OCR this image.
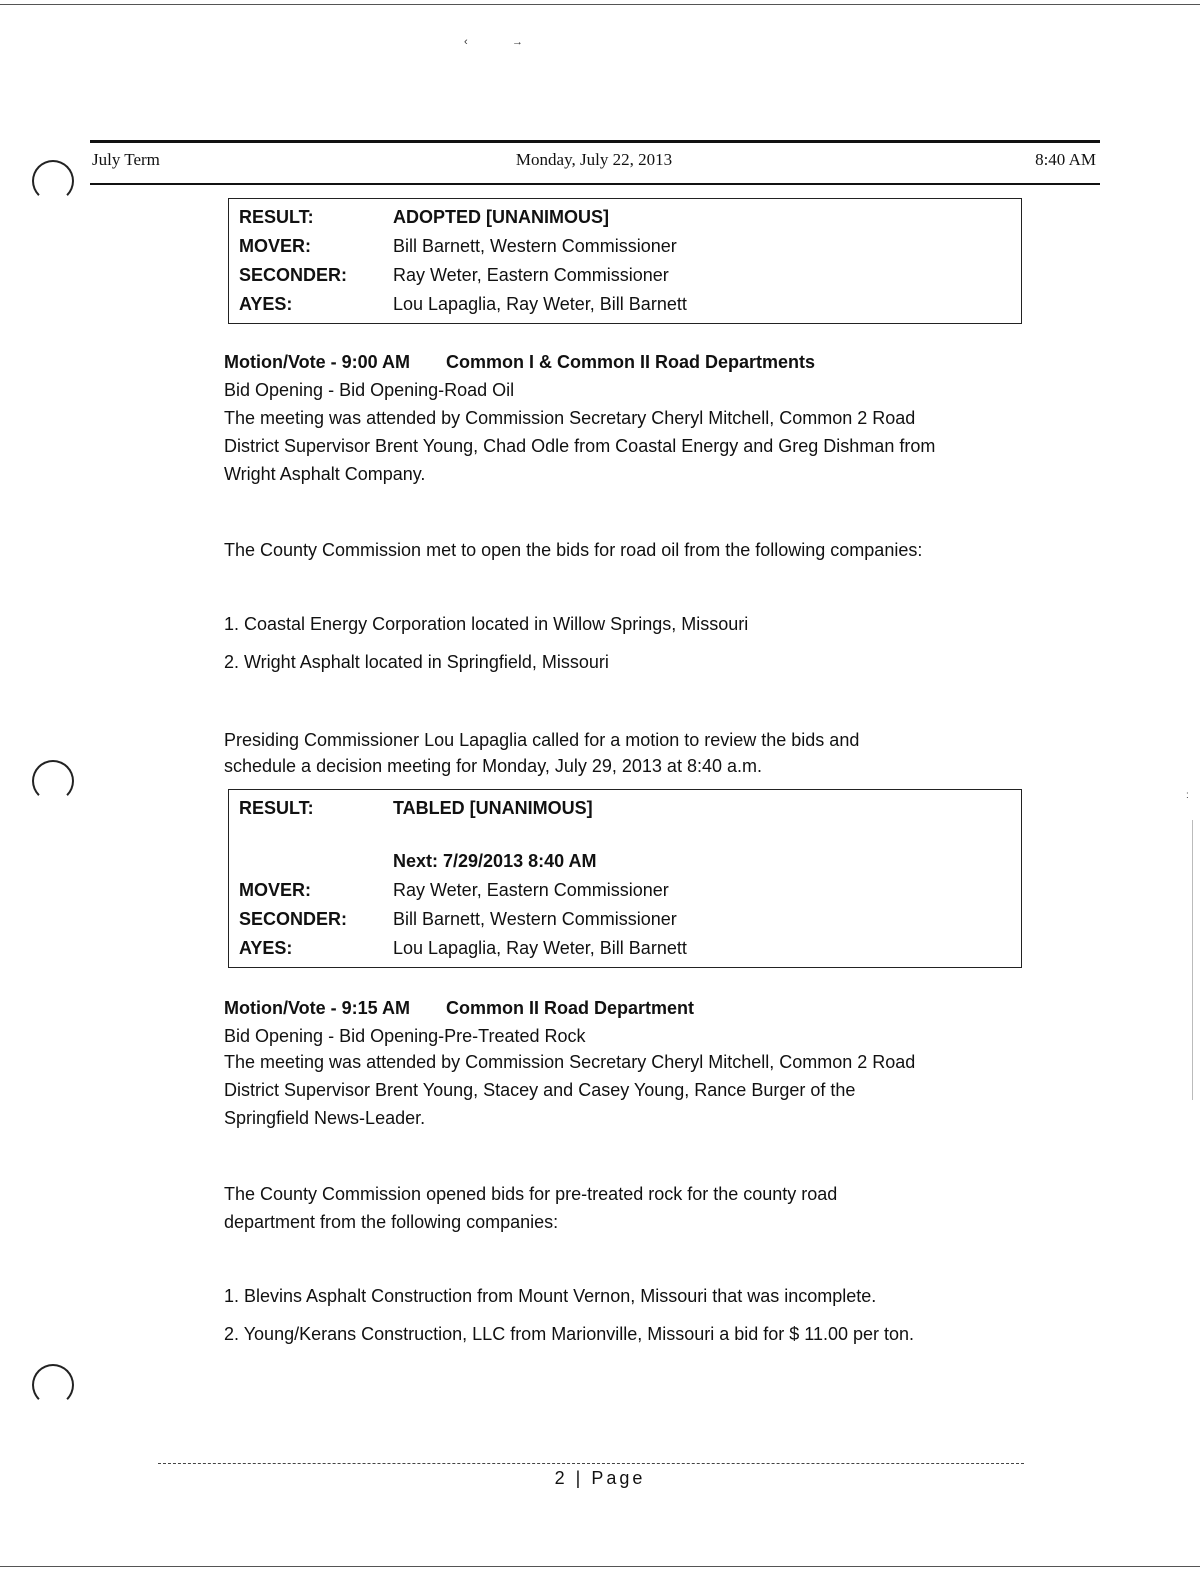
‹	→
:
July Term	Monday, July 22, 2013	8:40 AM
RESULT:	ADOPTED [UNANIMOUS]
MOVER:	Bill Barnett, Western Commissioner
SECONDER:	Ray Weter, Eastern Commissioner
AYES:	Lou Lapaglia, Ray Weter, Bill Barnett
Motion/Vote - 9:00 AM Common I & Common II Road Departments
Bid Opening - Bid Opening-Road Oil
The meeting was attended by Commission Secretary Cheryl Mitchell, Common 2 Road
District Supervisor Brent Young, Chad Odle from Coastal Energy and Greg Dishman from
Wright Asphalt Company.
The County Commission met to open the bids for road oil from the following companies:
1. Coastal Energy Corporation located in Willow Springs, Missouri
2. Wright Asphalt located in Springfield, Missouri
Presiding Commissioner Lou Lapaglia called for a motion to review the bids and
schedule a decision meeting for Monday, July 29, 2013 at 8:40 a.m.
RESULT:	TABLED [UNANIMOUS]
Next: 7/29/2013 8:40 AM
MOVER:	Ray Weter, Eastern Commissioner
SECONDER:	Bill Barnett, Western Commissioner
AYES:	Lou Lapaglia, Ray Weter, Bill Barnett
Motion/Vote - 9:15 AM Common II Road Department
Bid Opening - Bid Opening-Pre-Treated Rock
The meeting was attended by Commission Secretary Cheryl Mitchell, Common 2 Road
District Supervisor Brent Young, Stacey and Casey Young, Rance Burger of the
Springfield News-Leader.
The County Commission opened bids for pre-treated rock for the county road
department from the following companies:
1. Blevins Asphalt Construction from Mount Vernon, Missouri that was incomplete.
2. Young/Kerans Construction, LLC from Marionville, Missouri a bid for $ 11.00 per ton.
2 | Page
